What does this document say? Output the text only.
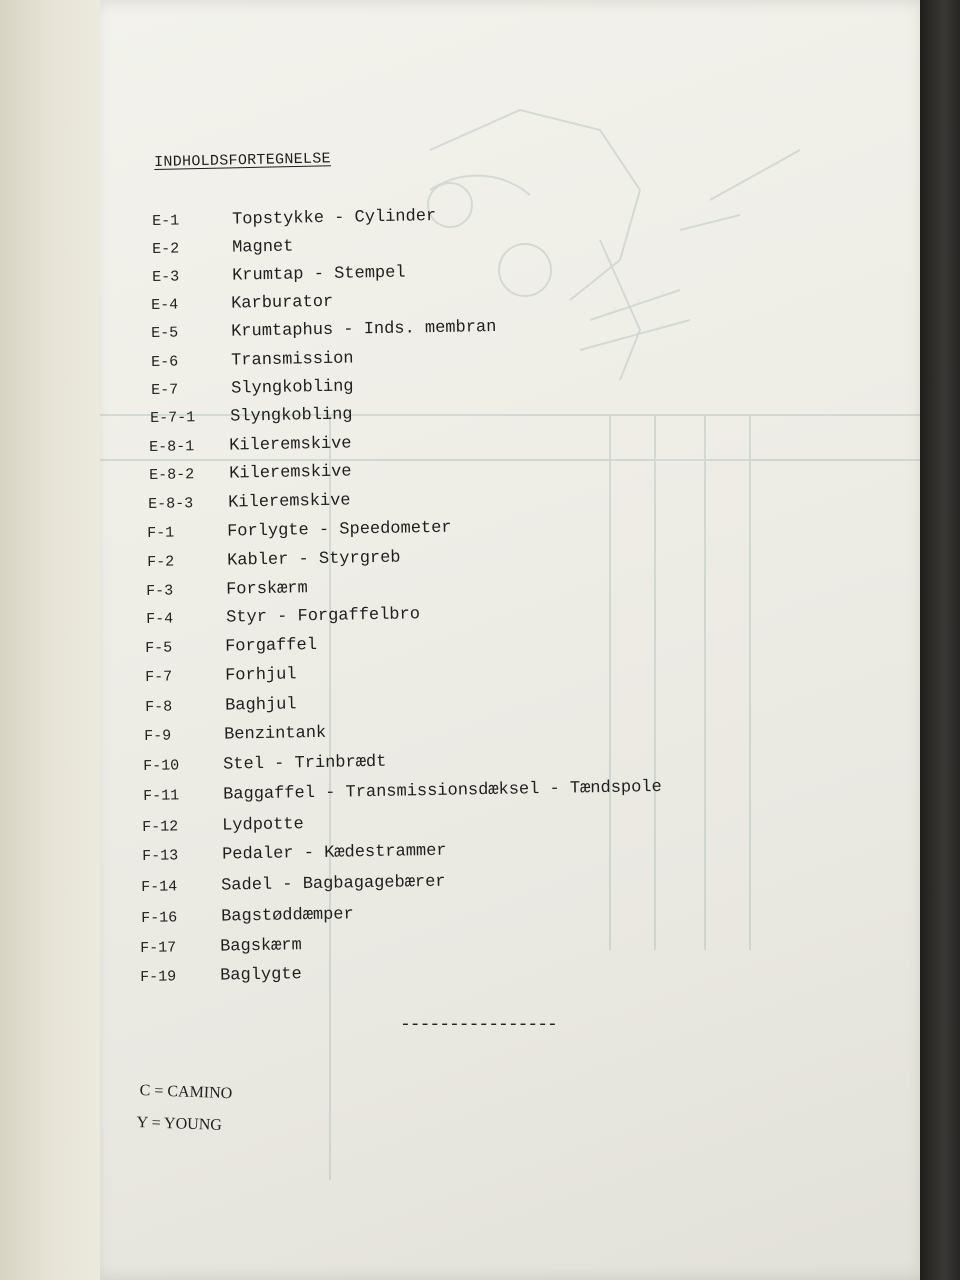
INDHOLDSFORTEGNELSE
E-1	Topstykke - Cylinder
E-2	Magnet
E-3	Krumtap - Stempel
E-4	Karburator
E-5	Krumtaphus - Inds. membran
E-6	Transmission
E-7	Slyngkobling
E-7-1 Slyngkobling
E-8-1 Kileremskive
E-8-2 Kileremskive
E-8-3 Kileremskive
F-1	Forlygte - Speedometer
F-2	Kabler - Styrgreb
F-3	Forskærm
F-4	Styr - Forgaffelbro
F-5	Forgaffel
F-7	Forhjul
F-8	Baghjul
F-9	Benzintank
F-10	Stel - Trinbrædt
F-11	Baggaffel - Transmissionsdæksel - Tændspole
F-12	Lydpotte
F-13	Pedaler - Kædestrammer
F-14	Sadel - Bagbagagebærer
F-16	Bagstøddæmper
F-17	Bagskærm
F-19	Baglygte
----------------
C = CAMINO
Y = YOUNG
